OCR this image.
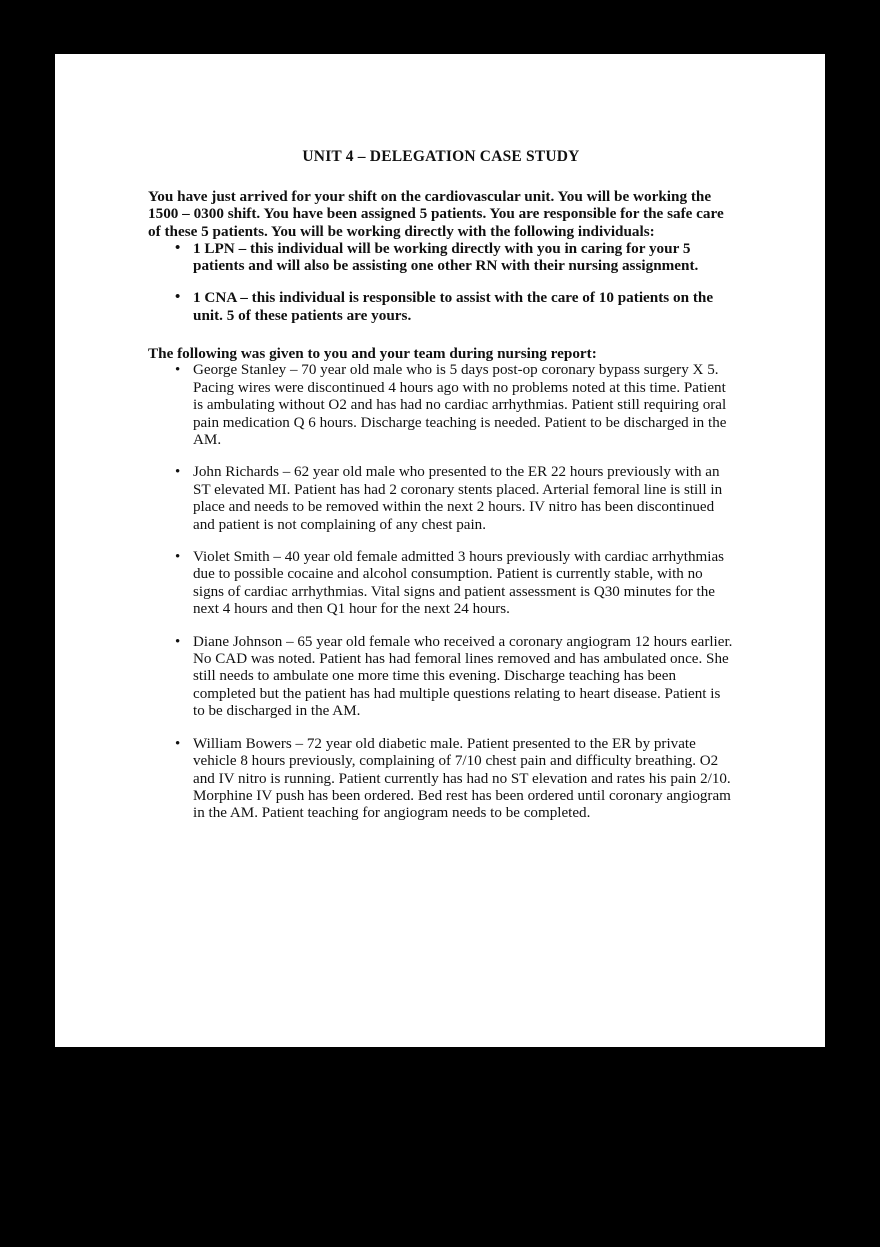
UNIT 4 – DELEGATION CASE STUDY

You have just arrived for your shift on the cardiovascular unit. You will be working the 1500 – 0300 shift. You have been assigned 5 patients. You are responsible for the safe care of these 5 patients. You will be working directly with the following individuals:

• 1 LPN – this individual will be working directly with you in caring for your 5 patients and will also be assisting one other RN with their nursing assignment.
• 1 CNA – this individual is responsible to assist with the care of 10 patients on the unit. 5 of these patients are yours.

The following was given to you and your team during nursing report:

• George Stanley – 70 year old male who is 5 days post-op coronary bypass surgery X 5. Pacing wires were discontinued 4 hours ago with no problems noted at this time. Patient is ambulating without O2 and has had no cardiac arrhythmias. Patient still requiring oral pain medication Q 6 hours. Discharge teaching is needed. Patient to be discharged in the AM.
• John Richards – 62 year old male who presented to the ER 22 hours previously with an ST elevated MI. Patient has had 2 coronary stents placed. Arterial femoral line is still in place and needs to be removed within the next 2 hours. IV nitro has been discontinued and patient is not complaining of any chest pain.
• Violet Smith – 40 year old female admitted 3 hours previously with cardiac arrhythmias due to possible cocaine and alcohol consumption. Patient is currently stable, with no signs of cardiac arrhythmias. Vital signs and patient assessment is Q30 minutes for the next 4 hours and then Q1 hour for the next 24 hours.
• Diane Johnson – 65 year old female who received a coronary angiogram 12 hours earlier. No CAD was noted. Patient has had femoral lines removed and has ambulated once. She still needs to ambulate one more time this evening. Discharge teaching has been completed but the patient has had multiple questions relating to heart disease. Patient is to be discharged in the AM.
• William Bowers – 72 year old diabetic male. Patient presented to the ER by private vehicle 8 hours previously, complaining of 7/10 chest pain and difficulty breathing. O2 and IV nitro is running. Patient currently has had no ST elevation and rates his pain 2/10. Morphine IV push has been ordered. Bed rest has been ordered until coronary angiogram in the AM. Patient teaching for angiogram needs to be completed.
